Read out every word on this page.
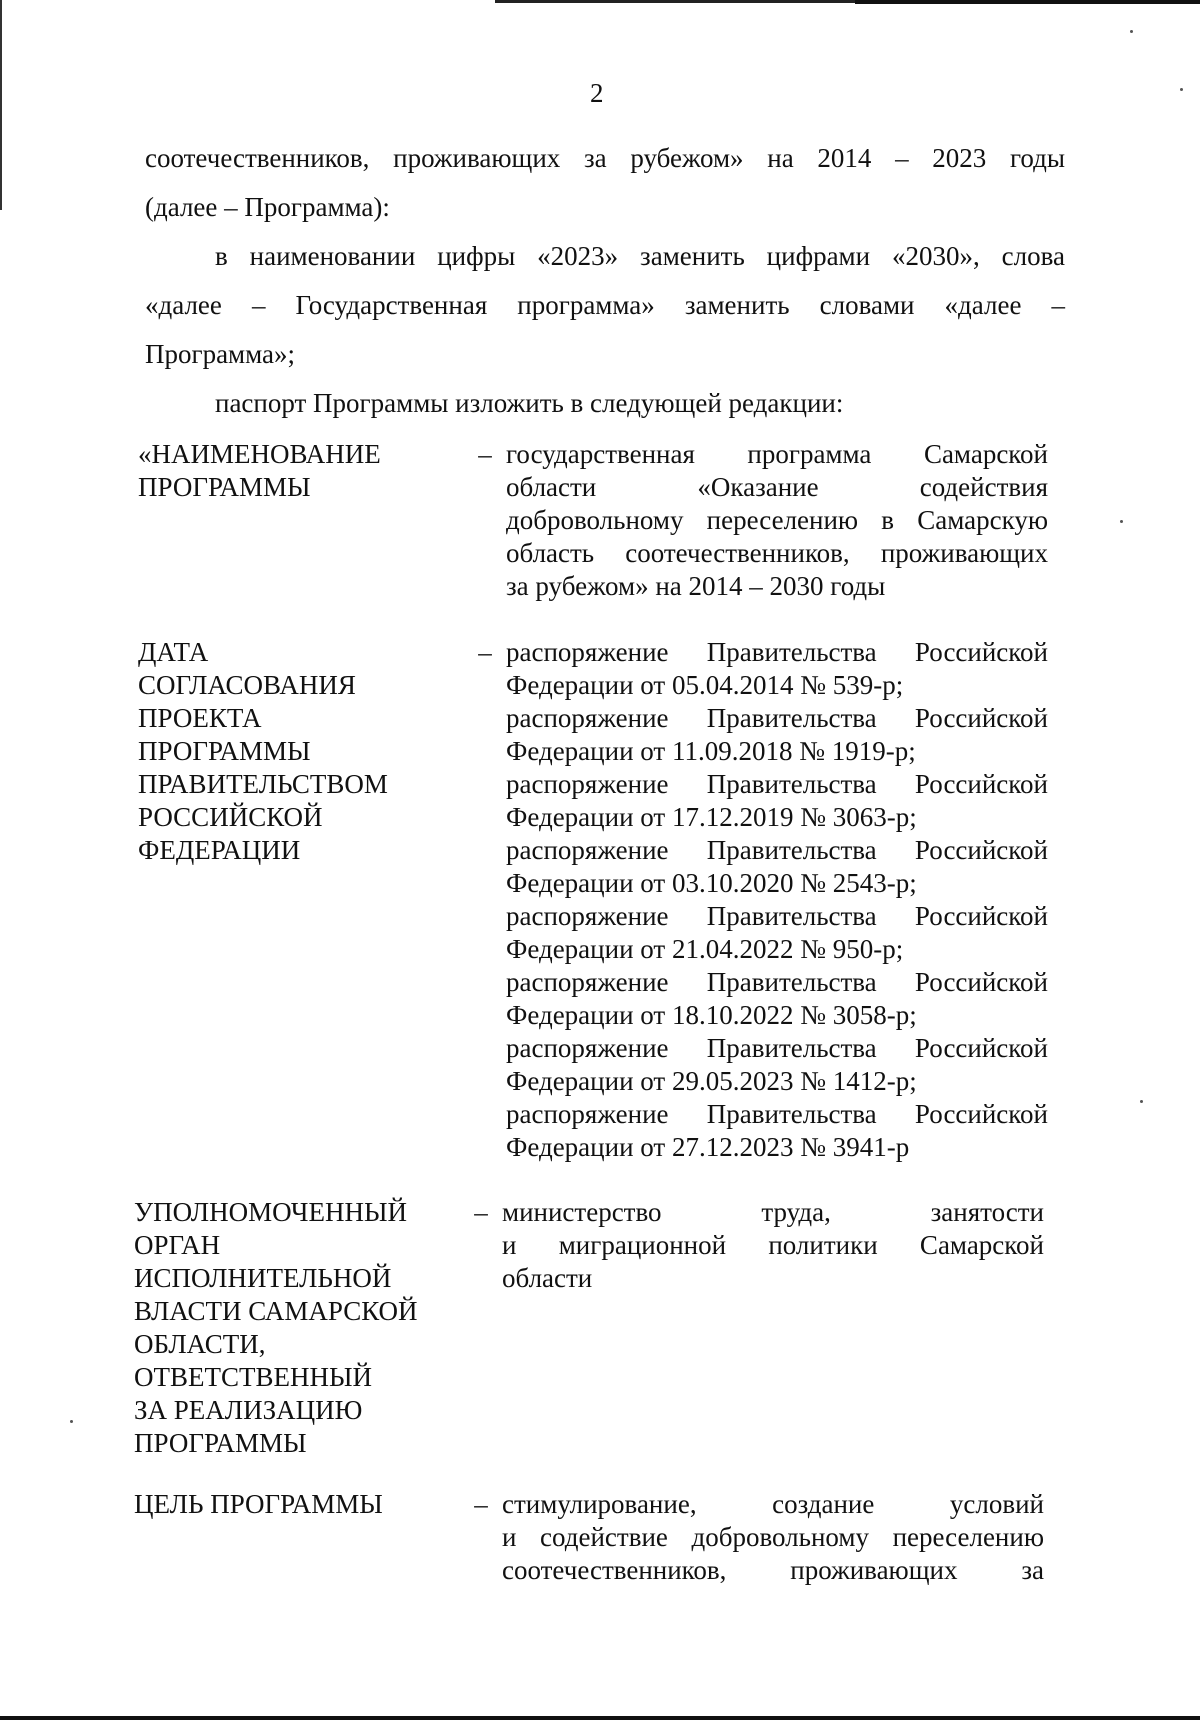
2

соотечественников, проживающих за рубежом» на 2014 – 2023 годы

(далее – Программа):

в наименовании цифры «2023» заменить цифрами «2030», слова

«далее – Государственная программа» заменить словами «далее –

Программа»;

паспорт Программы изложить в следующей редакции:

«НАИМЕНОВАНИЕ
ПРОГРАММЫ
– государственная программа Самарской
области «Оказание содействия
добровольному переселению в Самарскую
область соотечественников, проживающих
за рубежом» на 2014 – 2030 годы
ДАТА
СОГЛАСОВАНИЯ
ПРОЕКТА
ПРОГРАММЫ
ПРАВИТЕЛЬСТВОМ
РОССИЙСКОЙ
ФЕДЕРАЦИИ
– распоряжение Правительства Российской
Федерации от 05.04.2014 № 539-р;
распоряжение Правительства Российской
Федерации от 11.09.2018 № 1919-р;
распоряжение Правительства Российской
Федерации от 17.12.2019 № 3063-р;
распоряжение Правительства Российской
Федерации от 03.10.2020 № 2543-р;
распоряжение Правительства Российской
Федерации от 21.04.2022 № 950-р;
распоряжение Правительства Российской
Федерации от 18.10.2022 № 3058-р;
распоряжение Правительства Российской
Федерации от 29.05.2023 № 1412-р;
распоряжение Правительства Российской
Федерации от 27.12.2023 № 3941-р
УПОЛНОМОЧЕННЫЙ
ОРГАН
ИСПОЛНИТЕЛЬНОЙ
ВЛАСТИ САМАРСКОЙ
ОБЛАСТИ,
ОТВЕТСТВЕННЫЙ
ЗА РЕАЛИЗАЦИЮ
ПРОГРАММЫ
– министерство труда, занятости
и миграционной политики Самарской
области
ЦЕЛЬ ПРОГРАММЫ	– стимулирование, создание условий
и содействие добровольному переселению
соотечественников, проживающих за
